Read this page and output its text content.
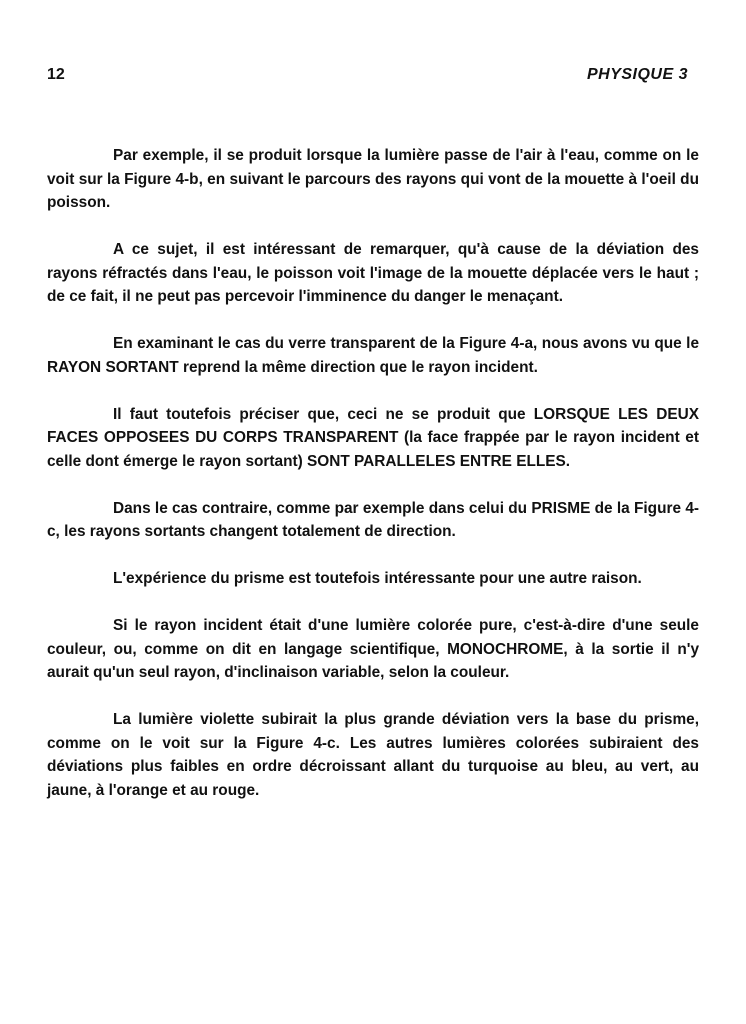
12	PHYSIQUE 3

Par exemple, il se produit lorsque la lumière passe de l'air à l'eau, comme on le voit sur la Figure 4-b, en suivant le parcours des rayons qui vont de la mouette à l'oeil du poisson.

A ce sujet, il est intéressant de remarquer, qu'à cause de la déviation des rayons réfractés dans l'eau, le poisson voit l'image de la mouette déplacée vers le haut ; de ce fait, il ne peut pas percevoir l'imminence du danger le menaçant.

En examinant le cas du verre transparent de la Figure 4-a, nous avons vu que le RAYON SORTANT reprend la même direction que le rayon incident.

Il faut toutefois préciser que, ceci ne se produit que LORSQUE LES DEUX FACES OPPOSEES DU CORPS TRANSPARENT (la face frappée par le rayon incident et celle dont émerge le rayon sortant) SONT PARALLELES ENTRE ELLES.

Dans le cas contraire, comme par exemple dans celui du PRISME de la Figure 4-c, les rayons sortants changent totalement de direction.

L'expérience du prisme est toutefois intéressante pour une autre raison.

Si le rayon incident était d'une lumière colorée pure, c'est-à-dire d'une seule couleur, ou, comme on dit en langage scientifique, MONOCHROME, à la sortie il n'y aurait qu'un seul rayon, d'inclinaison variable, selon la couleur.

La lumière violette subirait la plus grande déviation vers la base du prisme, comme on le voit sur la Figure 4-c. Les autres lumières colorées subiraient des déviations plus faibles en ordre décroissant allant du turquoise au bleu, au vert, au jaune, à l'orange et au rouge.
